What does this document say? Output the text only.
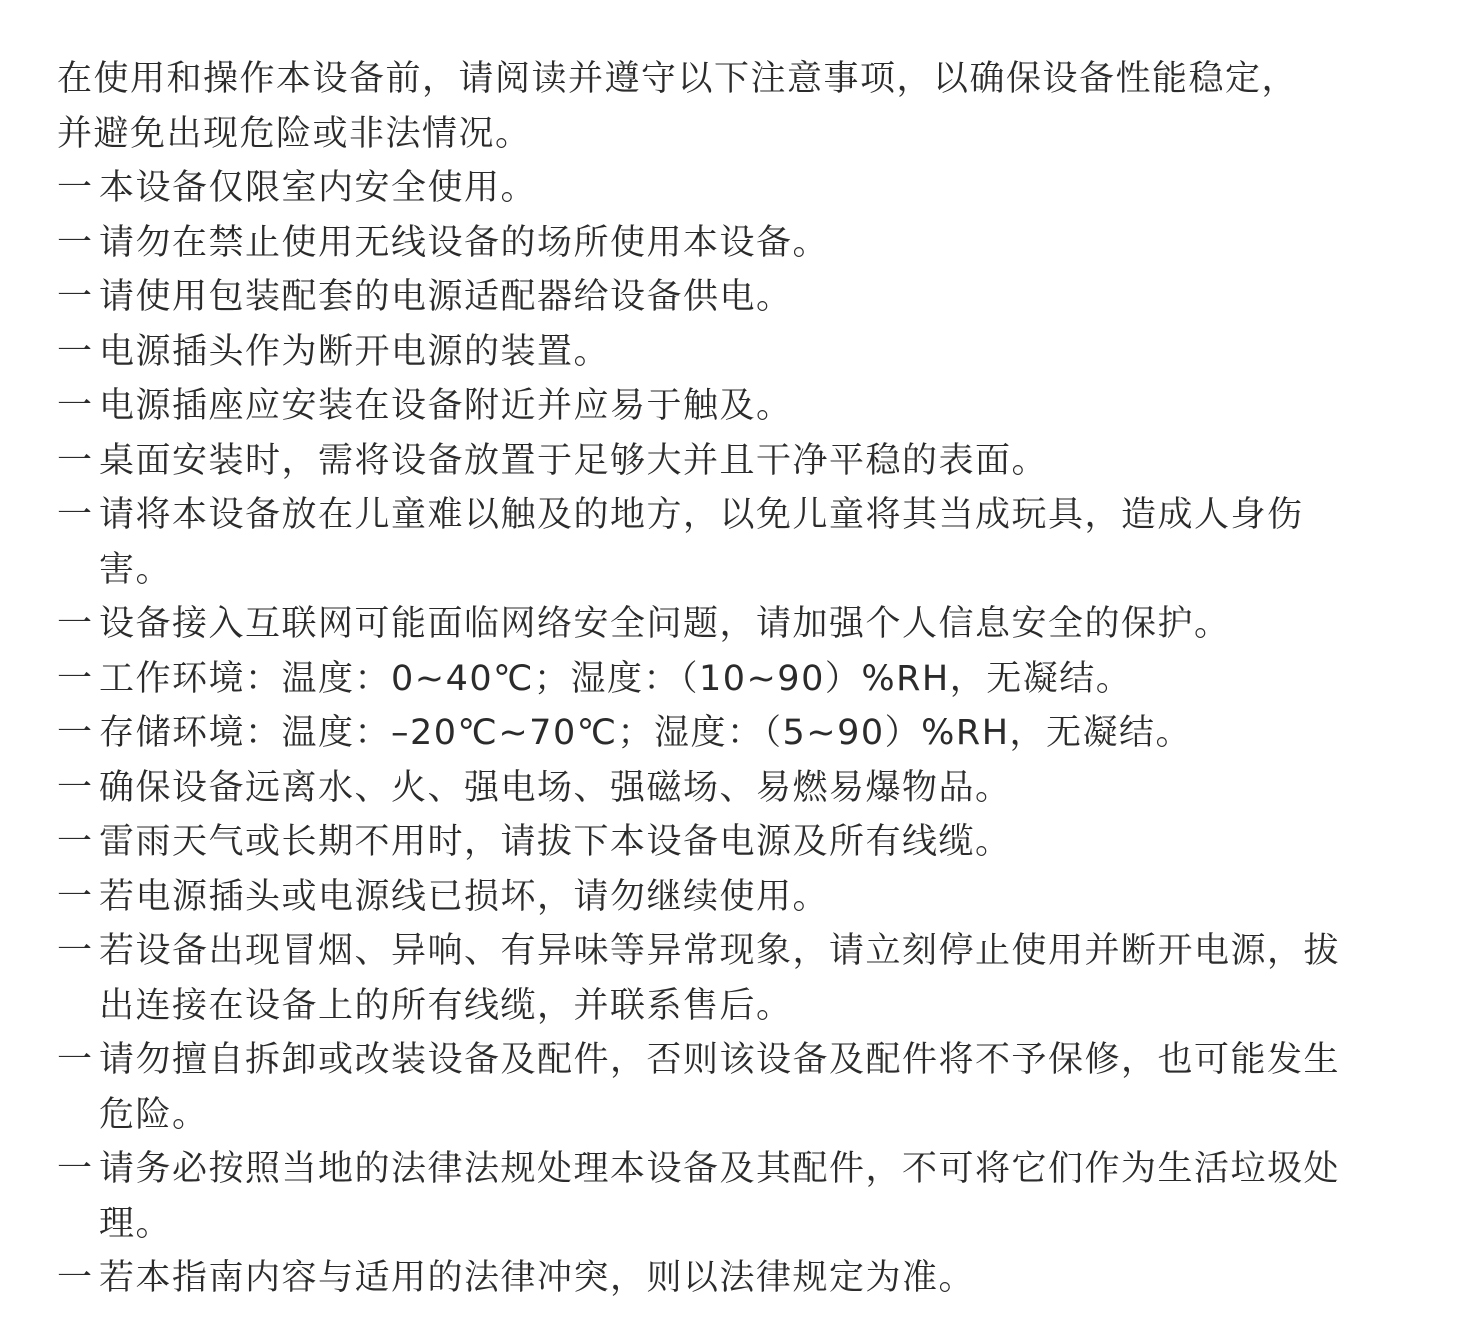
在使用和操作本设备前，请阅读并遵守以下注意事项，以确保设备性能稳定，
并避免出现危险或非法情况。

一 本设备仅限室内安全使用。
一 请勿在禁止使用无线设备的场所使用本设备。
一 请使用包装配套的电源适配器给设备供电。
一 电源插头作为断开电源的装置。
一 电源插座应安装在设备附近并应易于触及。
一 桌面安装时，需将设备放置于足够大并且干净平稳的表面。
一 请将本设备放在儿童难以触及的地方，以免儿童将其当成玩具，造成人身伤害。
一 设备接入互联网可能面临网络安全问题，请加强个人信息安全的保护。
一 工作环境：温度：0~40℃；湿度：（10~90）%RH，无凝结。
一 存储环境：温度：–20℃~70℃；湿度：（5~90）%RH，无凝结。
一 确保设备远离水、火、强电场、强磁场、易燃易爆物品。
一 雷雨天气或长期不用时，请拔下本设备电源及所有线缆。
一 若电源插头或电源线已损坏，请勿继续使用。
一 若设备出现冒烟、异响、有异味等异常现象，请立刻停止使用并断开电源，拔出连接在设备上的所有线缆，并联系售后。
一 请勿擅自拆卸或改装设备及配件，否则该设备及配件将不予保修，也可能发生危险。
一 请务必按照当地的法律法规处理本设备及其配件，不可将它们作为生活垃圾处理。
一 若本指南内容与适用的法律冲突，则以法律规定为准。
